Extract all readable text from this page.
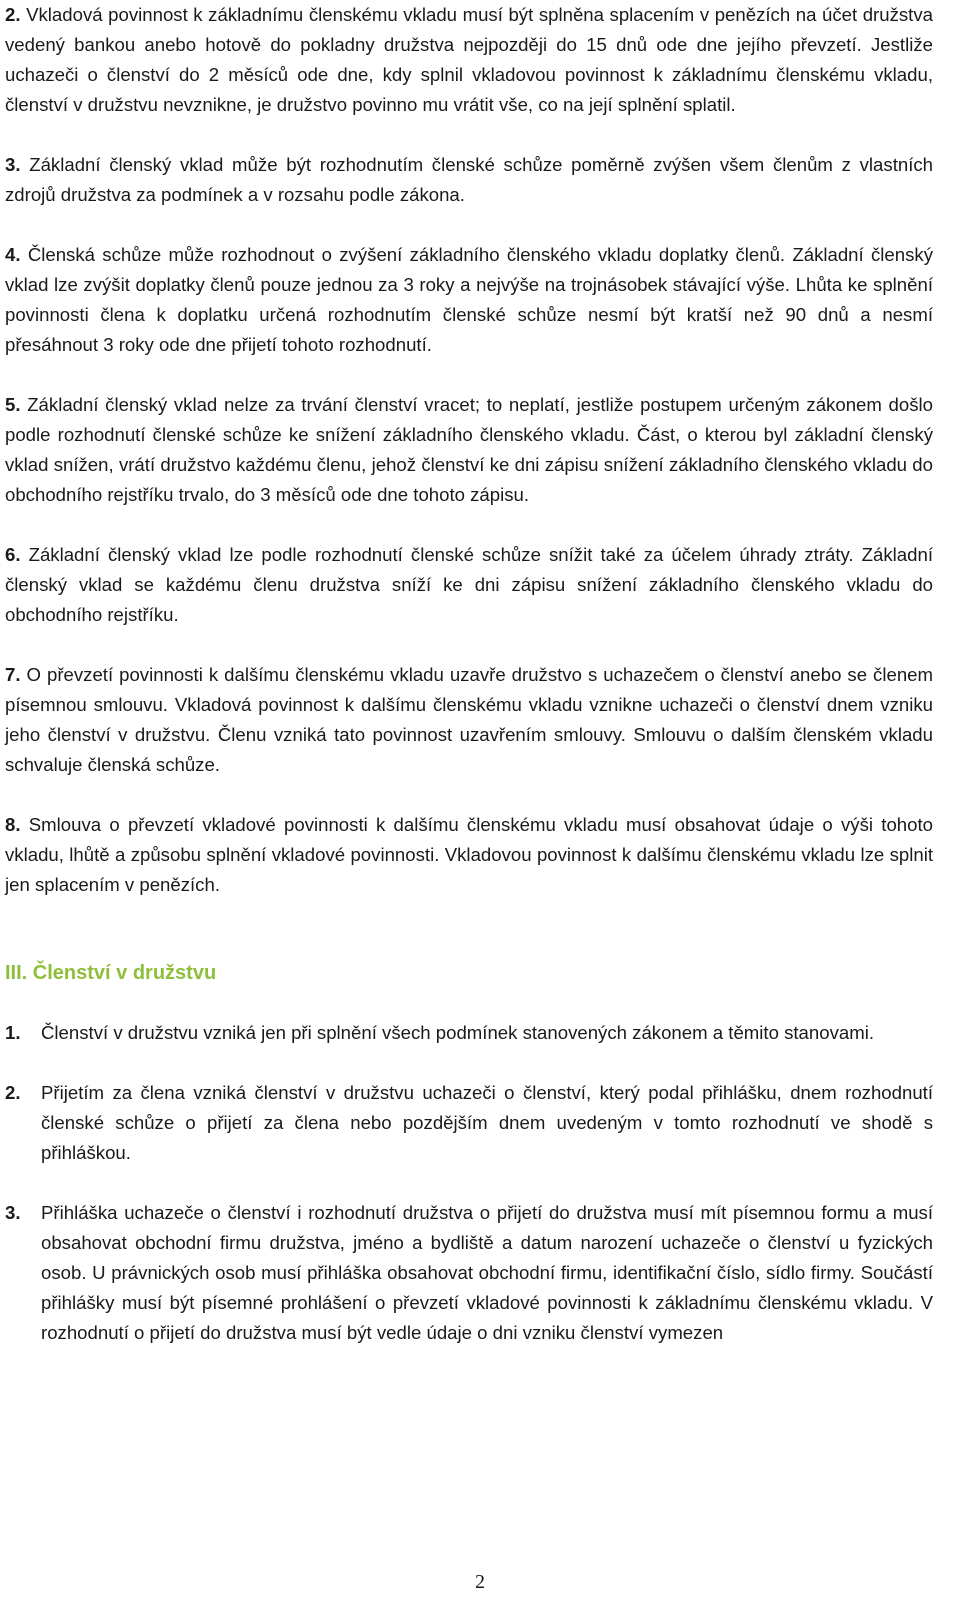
2. Vkladová povinnost k základnímu členskému vkladu musí být splněna splacením v penězích na účet družstva vedený bankou anebo hotově do pokladny družstva nejpozději do 15 dnů ode dne jejího převzetí. Jestliže uchazeči o členství do 2 měsíců ode dne, kdy splnil vkladovou povinnost k základnímu členskému vkladu, členství v družstvu nevznikne, je družstvo povinno mu vrátit vše, co na její splnění splatil.

3. Základní členský vklad může být rozhodnutím členské schůze poměrně zvýšen všem členům z vlastních zdrojů družstva za podmínek a v rozsahu podle zákona.

4. Členská schůze může rozhodnout o zvýšení základního členského vkladu doplatky členů. Základní členský vklad lze zvýšit doplatky členů pouze jednou za 3 roky a nejvýše na trojnásobek stávající výše. Lhůta ke splnění povinnosti člena k doplatku určená rozhodnutím členské schůze nesmí být kratší než 90 dnů a nesmí přesáhnout 3 roky ode dne přijetí tohoto rozhodnutí.

5. Základní členský vklad nelze za trvání členství vracet; to neplatí, jestliže postupem určeným zákonem došlo podle rozhodnutí členské schůze ke snížení základního členského vkladu. Část, o kterou byl základní členský vklad snížen, vrátí družstvo každému členu, jehož členství ke dni zápisu snížení základního členského vkladu do obchodního rejstříku trvalo, do 3 měsíců ode dne tohoto zápisu.

6. Základní členský vklad lze podle rozhodnutí členské schůze snížit také za účelem úhrady ztráty. Základní členský vklad se každému členu družstva sníží ke dni zápisu snížení základního členského vkladu do obchodního rejstříku.

7. O převzetí povinnosti k dalšímu členskému vkladu uzavře družstvo s uchazečem o členství anebo se členem písemnou smlouvu. Vkladová povinnost k dalšímu členskému vkladu vznikne uchazeči o členství dnem vzniku jeho členství v družstvu. Členu vzniká tato povinnost uzavřením smlouvy. Smlouvu o dalším členském vkladu schvaluje členská schůze.

8. Smlouva o převzetí vkladové povinnosti k dalšímu členskému vkladu musí obsahovat údaje o výši tohoto vkladu, lhůtě a způsobu splnění vkladové povinnosti. Vkladovou povinnost k dalšímu členskému vkladu lze splnit jen splacením v penězích.

III. Členství v družstvu

1. Členství v družstvu vzniká jen při splnění všech podmínek stanovených zákonem a těmito stanovami.

2. Přijetím za člena vzniká členství v družstvu uchazeči o členství, který podal přihlášku, dnem rozhodnutí členské schůze o přijetí za člena nebo pozdějším dnem uvedeným v tomto rozhodnutí ve shodě s přihláškou.

3. Přihláška uchazeče o členství i rozhodnutí družstva o přijetí do družstva musí mít písemnou formu a musí obsahovat obchodní firmu družstva, jméno a bydliště a datum narození uchazeče o členství u fyzických osob. U právnických osob musí přihláška obsahovat obchodní firmu, identifikační číslo, sídlo firmy. Součástí přihlášky musí být písemné prohlášení o převzetí vkladové povinnosti k základnímu členskému vkladu. V rozhodnutí o přijetí do družstva musí být vedle údaje o dni vzniku členství vymezen

2
